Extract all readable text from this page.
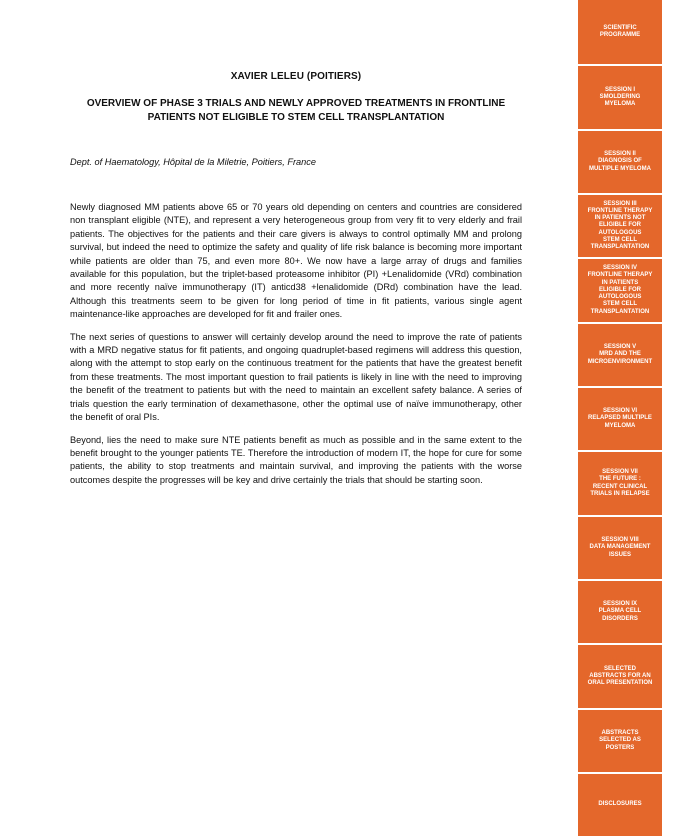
XAVIER LELEU (POITIERS)
OVERVIEW OF PHASE 3 TRIALS AND NEWLY APPROVED TREATMENTS IN FRONTLINE PATIENTS NOT ELIGIBLE TO STEM CELL TRANSPLANTATION
Dept. of Haematology, Hôpital de la Miletrie, Poitiers, France

Newly diagnosed MM patients above 65 or 70 years old depending on centers and countries are considered non transplant eligible (NTE), and represent a very heterogeneous group from very fit to very elderly and frail patients. The objectives for the patients and their care givers is always to control optimally MM and prolong survival, but indeed the need to optimize the safety and quality of life risk balance is becoming more important while patients are older than 75, and even more 80+. We now have a large array of drugs and families available for this population, but the triplet-based proteasome inhibitor (PI) +Lenalidomide (VRd) combination and more recently naïve immunotherapy (IT) anticd38 +lenalidomide (DRd) combination have the lead. Although this treatments seem to be given for long period of time in fit patients, various single agent maintenance-like approaches are developed for fit and frailer ones.

The next series of questions to answer will certainly develop around the need to improve the rate of patients with a MRD negative status for fit patients, and ongoing quadruplet-based regimens will address this question, along with the attempt to stop early on the continuous treatment for the patients that have the greatest benefit from these treatments. The most important question to frail patients is likely in line with the need to improving the benefit of the treatment to patients but with the need to maintain an excellent safety balance. A series of trials question the early termination of dexamethasone, other the optimal use of naïve immunotherapy, other the benefit of oral PIs.

Beyond, lies the need to make sure NTE patients benefit as much as possible and in the same extent to the benefit brought to the younger patients TE. Therefore the introduction of modern IT, the hope for cure for some patients, the ability to stop treatments and maintain survival, and improving the patients with the worse outcomes despite the progresses will be key and drive certainly the trials that should be starting soon.

SCIENTIFIC
PROGRAMME
SESSION I
SMOLDERING
MYELOMA
SESSION II
DIAGNOSIS OF
MULTIPLE MYELOMA
SESSION III
FRONTLINE THERAPY
IN PATIENTS NOT
ELIGIBLE FOR
AUTOLOGOUS
STEM CELL
TRANSPLANTATION
SESSION IV
FRONTLINE THERAPY
IN PATIENTS
ELIGIBLE FOR
AUTOLOGOUS
STEM CELL
TRANSPLANTATION
SESSION V
MRD AND THE
MICROENVIRONMENT
SESSION VI
RELAPSED MULTIPLE
MYELOMA
SESSION VII
THE FUTURE :
RECENT CLINICAL
TRIALS IN RELAPSE
SESSION VIII
DATA MANAGEMENT
ISSUES
SESSION IX
PLASMA CELL
DISORDERS
SELECTED
ABSTRACTS FOR AN
ORAL PRESENTATION
ABSTRACTS
SELECTED AS
POSTERS
DISCLOSURES
